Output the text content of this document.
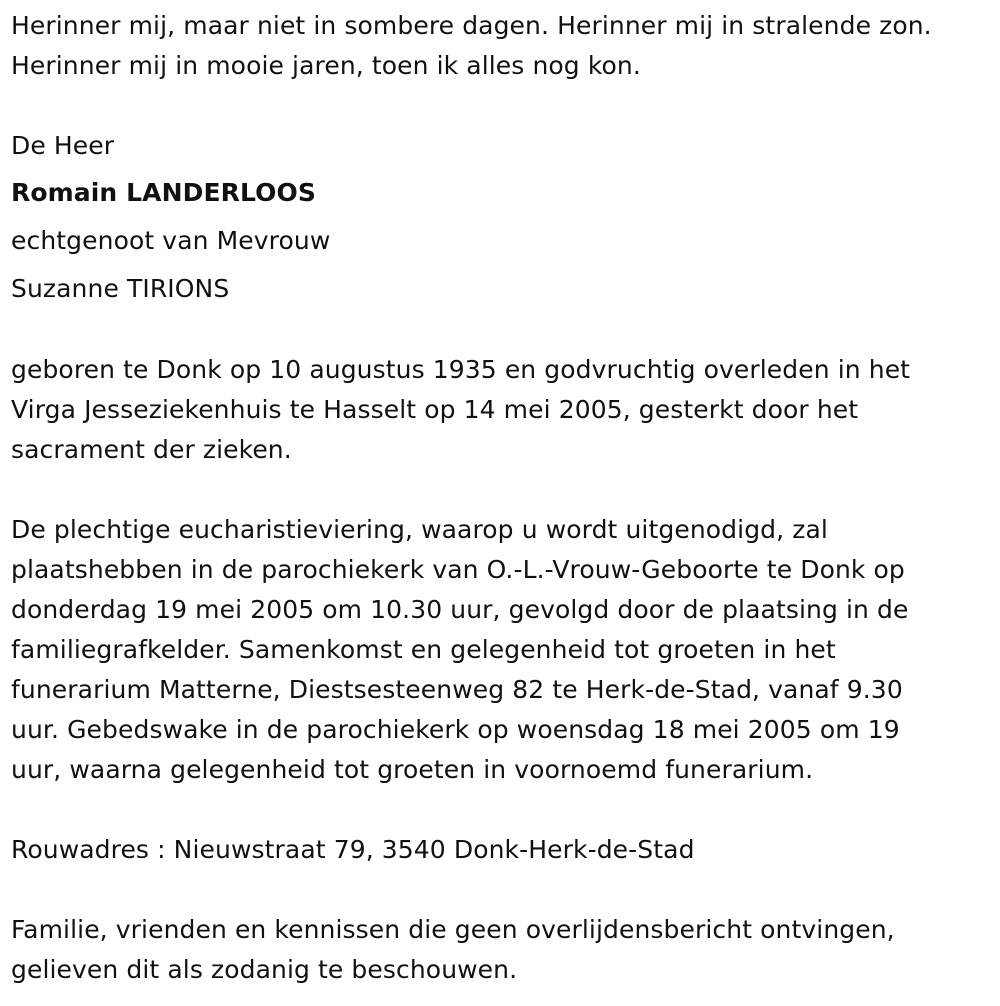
Herinner mij, maar niet in sombere dagen. Herinner mij in stralende zon.
Herinner mij in mooie jaren, toen ik alles nog kon.
De Heer
Romain LANDERLOOS
echtgenoot van Mevrouw
Suzanne TIRIONS
geboren te Donk op 10 augustus 1935 en godvruchtig overleden in het
Virga Jesseziekenhuis te Hasselt op 14 mei 2005, gesterkt door het
sacrament der zieken.
De plechtige eucharistieviering, waarop u wordt uitgenodigd, zal
plaatshebben in de parochiekerk van O.-L.-Vrouw-Geboorte te Donk op
donderdag 19 mei 2005 om 10.30 uur, gevolgd door de plaatsing in de
familiegrafkelder. Samenkomst en gelegenheid tot groeten in het
funerarium Matterne, Diestsesteenweg 82 te Herk-de-Stad, vanaf 9.30
uur. Gebedswake in de parochiekerk op woensdag 18 mei 2005 om 19
uur, waarna gelegenheid tot groeten in voornoemd funerarium.
Rouwadres : Nieuwstraat 79, 3540 Donk-Herk-de-Stad
Familie, vrienden en kennissen die geen overlijdensbericht ontvingen,
gelieven dit als zodanig te beschouwen.
